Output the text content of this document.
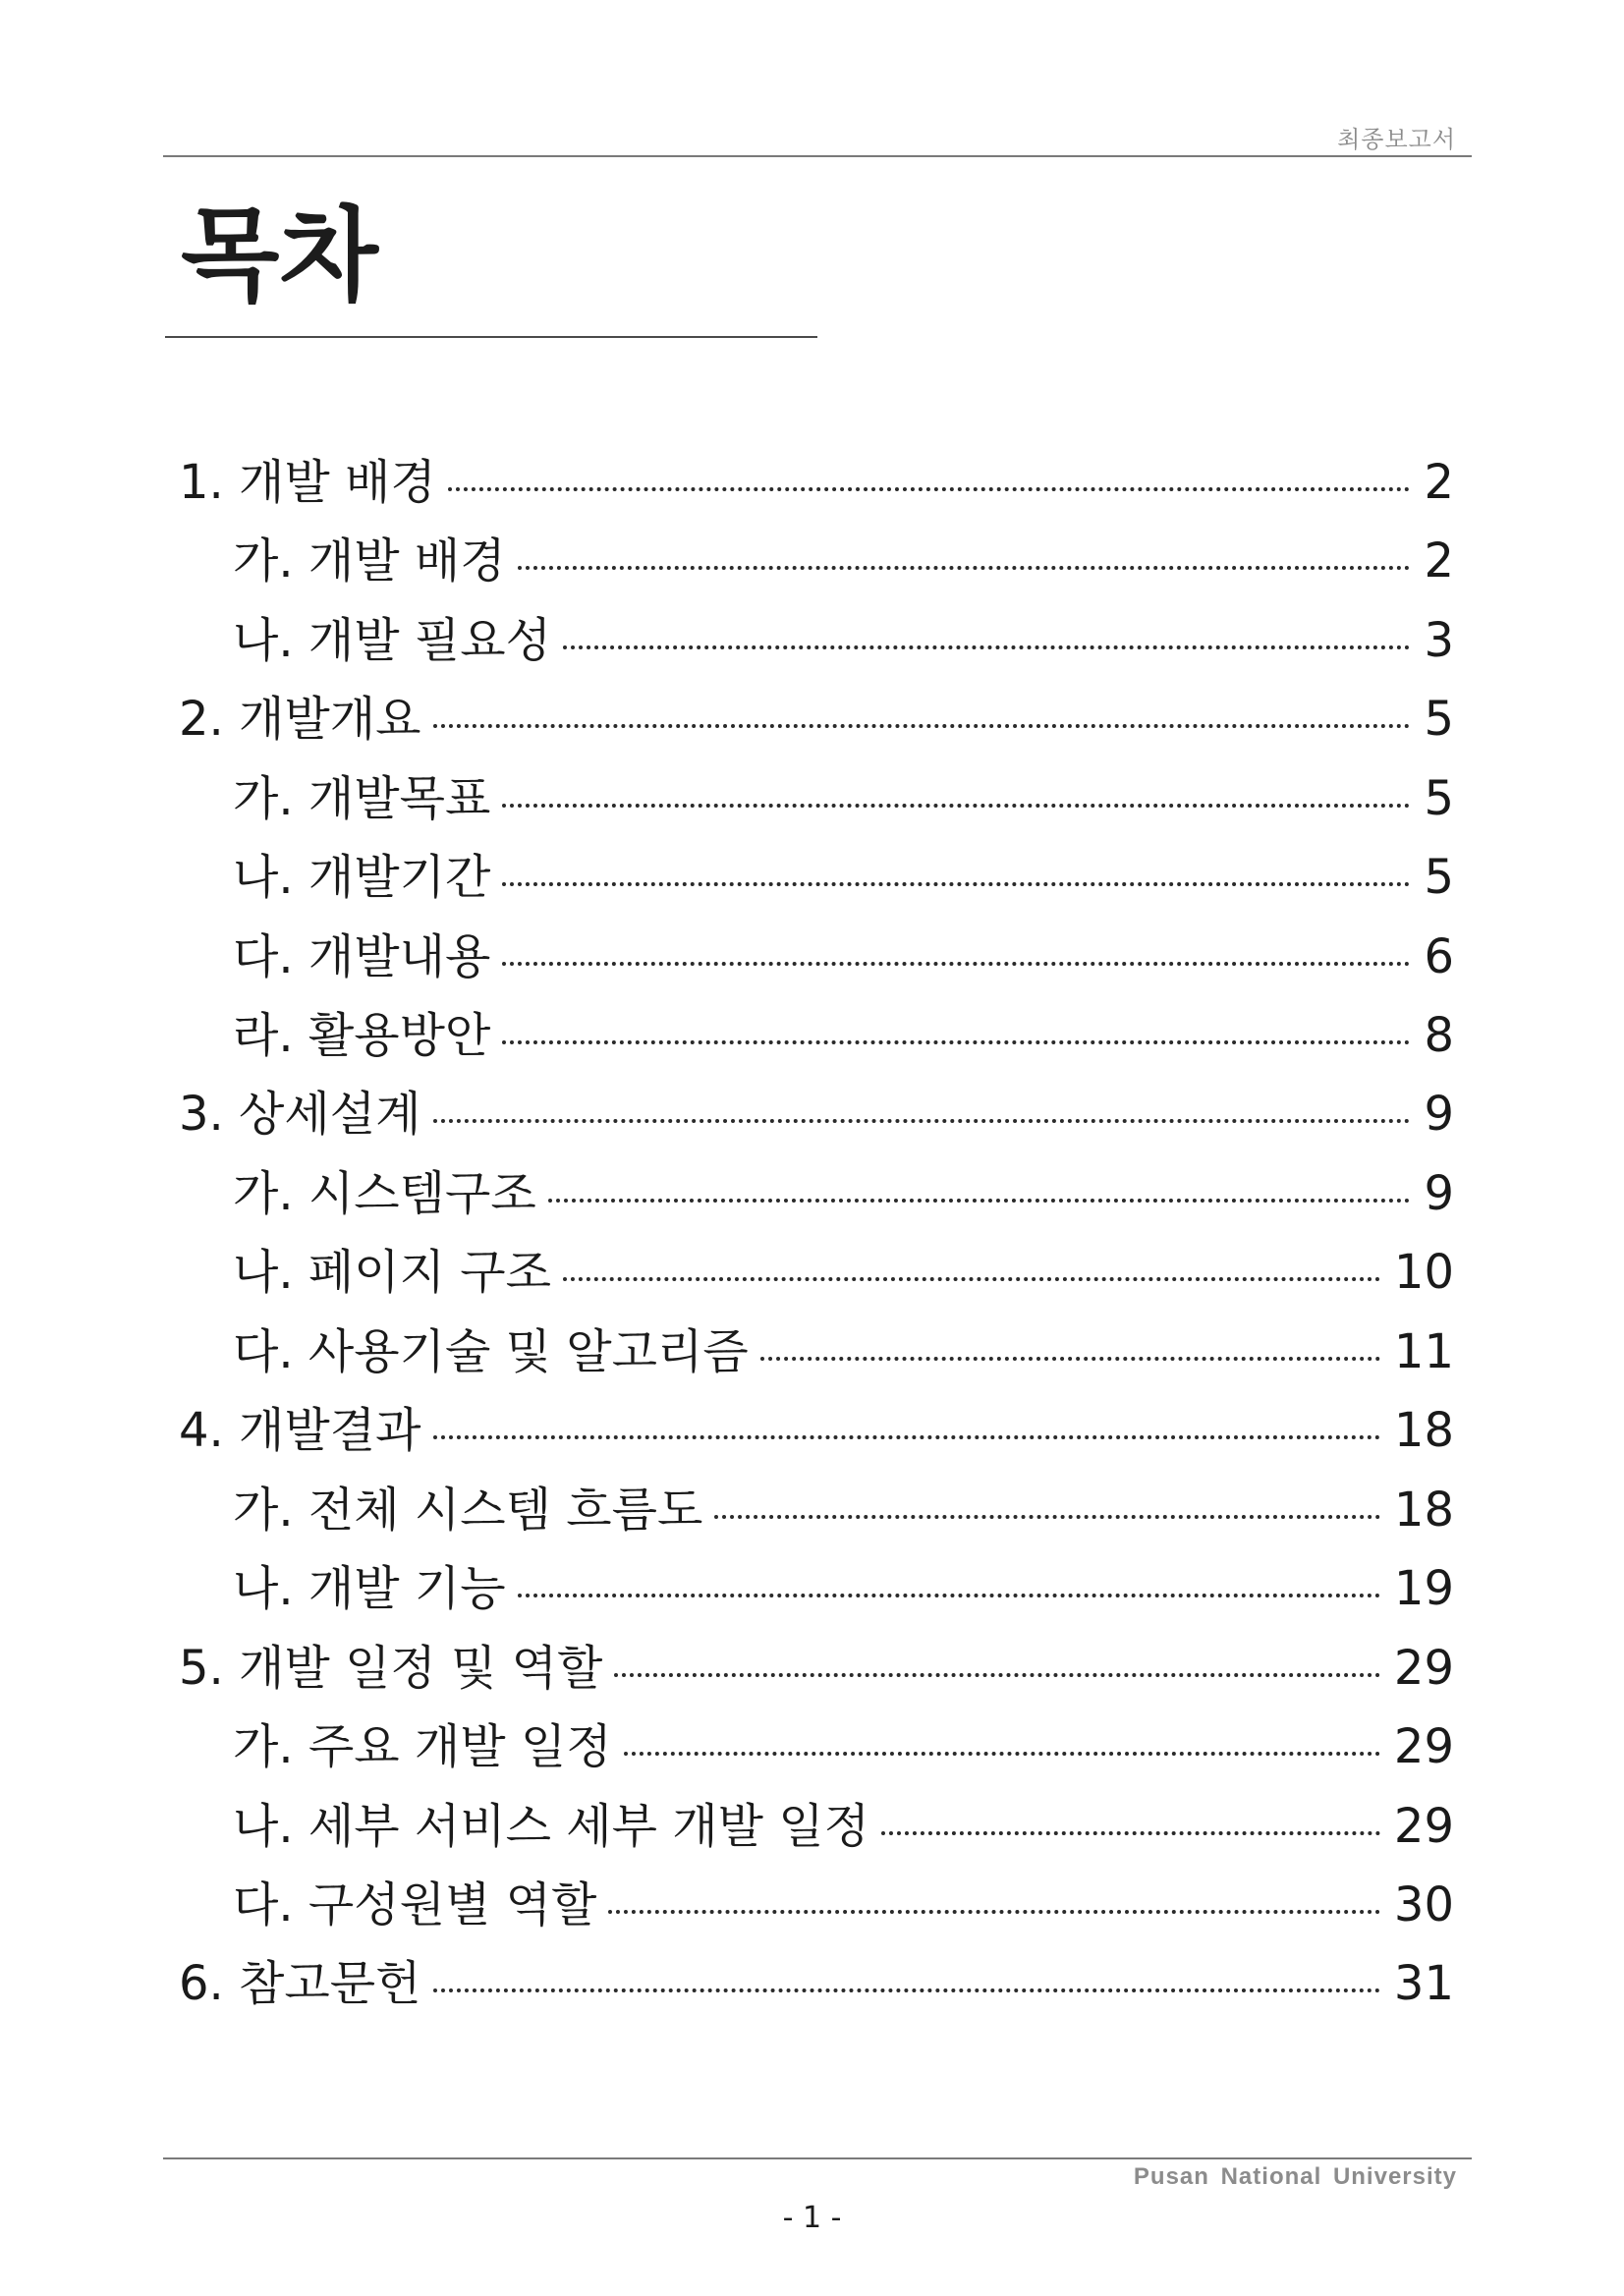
최종보고서
목차
1. 개발 배경	2
가. 개발 배경	2
나. 개발 필요성	3
2. 개발개요	5
가. 개발목표	5
나. 개발기간	5
다. 개발내용	6
라. 활용방안	8
3. 상세설계	9
가. 시스템구조	9
나. 페이지 구조	10
다. 사용기술 및 알고리즘	11
4. 개발결과	18
가. 전체 시스템 흐름도	18
나. 개발 기능	19
5. 개발 일정 및 역할	29
가. 주요 개발 일정	29
나. 세부 서비스 세부 개발 일정	29
다. 구성원별 역할	30
6. 참고문헌	31
Pusan National University
- 1 -
